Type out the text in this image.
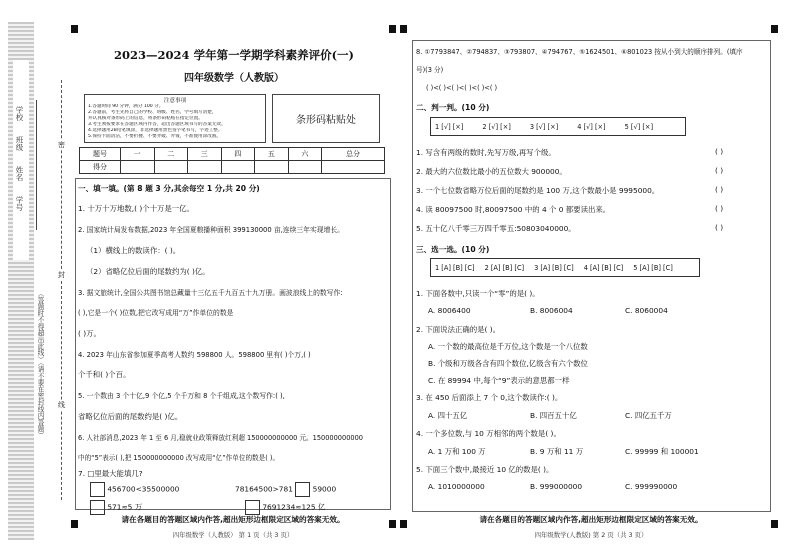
学校
班级
姓名
学号
密
封
线
（答题时不得超出此线）（请不要在密封线内答题）
2023—2024 学年第一学期学科素养评价(一)
四年级数学（人教版）
注意事项
1.答题时间 90 分钟，满分 100 分。
2.答题前，考生先将自己的学校、班级、姓名、学号填写清楚，
并认真核对条形码上的信息，将条形码粘贴在指定位置。
3.考生须按要求在答题区域内作答，超出答题区域书写的答案无效。
4.选择题用2B铅笔填涂，非选择题用黑色签字笔书写，字迹工整。
5.保持卡面清洁，不要折叠、不要弄破、弄皱，不准使用涂改液。
条形码粘贴处
题号	一	二	三	四	五	六	总分
得分							
一、填一填。(第 8 题 3 分,其余每空 1 分,共 20 分)
1. 十万十万地数,( )个十万是一亿。
2. 国家统计局发布数据,2023 年全国夏粮播种面积 399130000 亩,连续三年实现增长。
（1）横线上的数读作：( )。
（2）省略亿位后面的尾数约为( )亿。
3. 据文旅统计,全国公共图书馆总藏量十三亿五千九百五十九万册。画波浪线上的数写作:
( ),它是一个( )位数,把它改写成用“万”作单位的数是
( )万。
4. 2023 年山东省参加夏季高考人数约 598800 人。598800 里有( )个万,( )
个千和( )个百。
5. 一个数由 3 个十亿,9 个亿,5 个千万和 8 个千组成,这个数写作:( ),
省略亿位后面的尾数约是( )亿。
6. 人社部消息,2023 年 1 至 6 月,稳就业政策释放红利超 150000000000 元。150000000000
中的“5”表示( ),把 150000000000 改写成用“亿”作单位的数是( )。
7. □里最大能填几?
456700<35500000	78164500>781	59000
571≈5 万	7691234≈125 亿
请在各题目的答题区域内作答,超出矩形边框限定区域的答案无效。
四年级数学（人教版） 第 1 页（共 3 页）
8. ①7793847、②794837、③793807、④794767、⑤1624501、⑥801023 按从小到大的顺序排列。(填序
号)(3 分)
( )<( )<( )<( )<( )<( )
二、判一判。(10 分)
1 [√] [×]	2 [√] [×]	3 [√] [×]	4 [√] [×]	5 [√] [×]
1. 写含有两级的数时,先写万级,再写个级。	( )
2. 最大的六位数比最小的五位数大 900000。	( )
3. 一个七位数省略万位后面的尾数约是 100 万,这个数最小是 9995000。	( )
4. 读 80097500 时,80097500 中的 4 个 0 都要读出来。	( )
5. 五十亿八千零三万四千零五:50803040000。	( )
三、选一选。(10 分)
1 [A] [B] [C] 2 [A] [B] [C] 3 [A] [B] [C] 4 [A] [B] [C] 5 [A] [B] [C]
1. 下面各数中,只读一个“零”的是( )。
A. 8006400	B. 8006004	C. 8060004
2. 下面说法正确的是( )。
A. 一个数的最高位是千万位,这个数是一个八位数
B. 个级和万级各含有四个数位,亿级含有六个数位
C. 在 89994 中,每个“9”表示的意思都一样
3. 在 450 后面添上 7 个 0,这个数读作:( )。
A. 四十五亿	B. 四百五十亿	C. 四亿五千万
4. 一个多位数,与 10 万相邻的两个数是( )。
A. 1 万和 100 万	B. 9 万和 11 万	C. 99999 和 100001
5. 下面三个数中,最接近 10 亿的数是( )。
A. 1010000000	B. 999000000	C. 999990000
请在各题目的答题区域内作答,超出矩形边框限定区域的答案无效。
四年级数学(人教版) 第 2 页（共 3 页）
